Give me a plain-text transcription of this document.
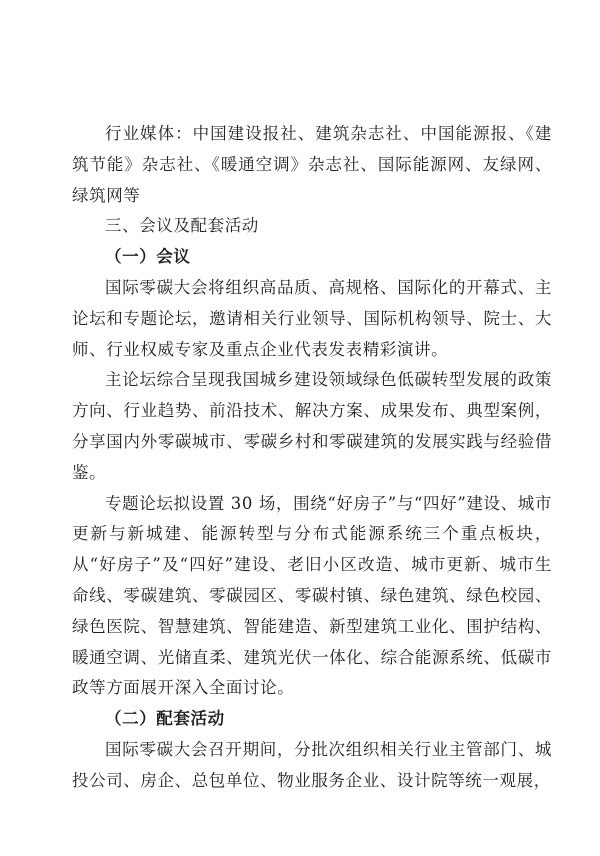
行业媒体：中国建设报社、建筑杂志社、中国能源报、《建筑节能》杂志社、《暖通空调》杂志社、国际能源网、友绿网、绿筑网等

三、会议及配套活动
（一）会议

国际零碳大会将组织高品质、高规格、国际化的开幕式、主论坛和专题论坛，邀请相关行业领导、国际机构领导、院士、大师、行业权威专家及重点企业代表发表精彩演讲。

主论坛综合呈现我国城乡建设领域绿色低碳转型发展的政策方向、行业趋势、前沿技术、解决方案、成果发布、典型案例，分享国内外零碳城市、零碳乡村和零碳建筑的发展实践与经验借鉴。

专题论坛拟设置 30 场，围绕“好房子”与“四好”建设、城市更新与新城建、能源转型与分布式能源系统三个重点板块，从“好房子”及“四好”建设、老旧小区改造、城市更新、城市生命线、零碳建筑、零碳园区、零碳村镇、绿色建筑、绿色校园、绿色医院、智慧建筑、智能建造、新型建筑工业化、围护结构、暖通空调、光储直柔、建筑光伏一体化、综合能源系统、低碳市政等方面展开深入全面讨论。

（二）配套活动

国际零碳大会召开期间，分批次组织相关行业主管部门、城投公司、房企、总包单位、物业服务企业、设计院等统一观展，
